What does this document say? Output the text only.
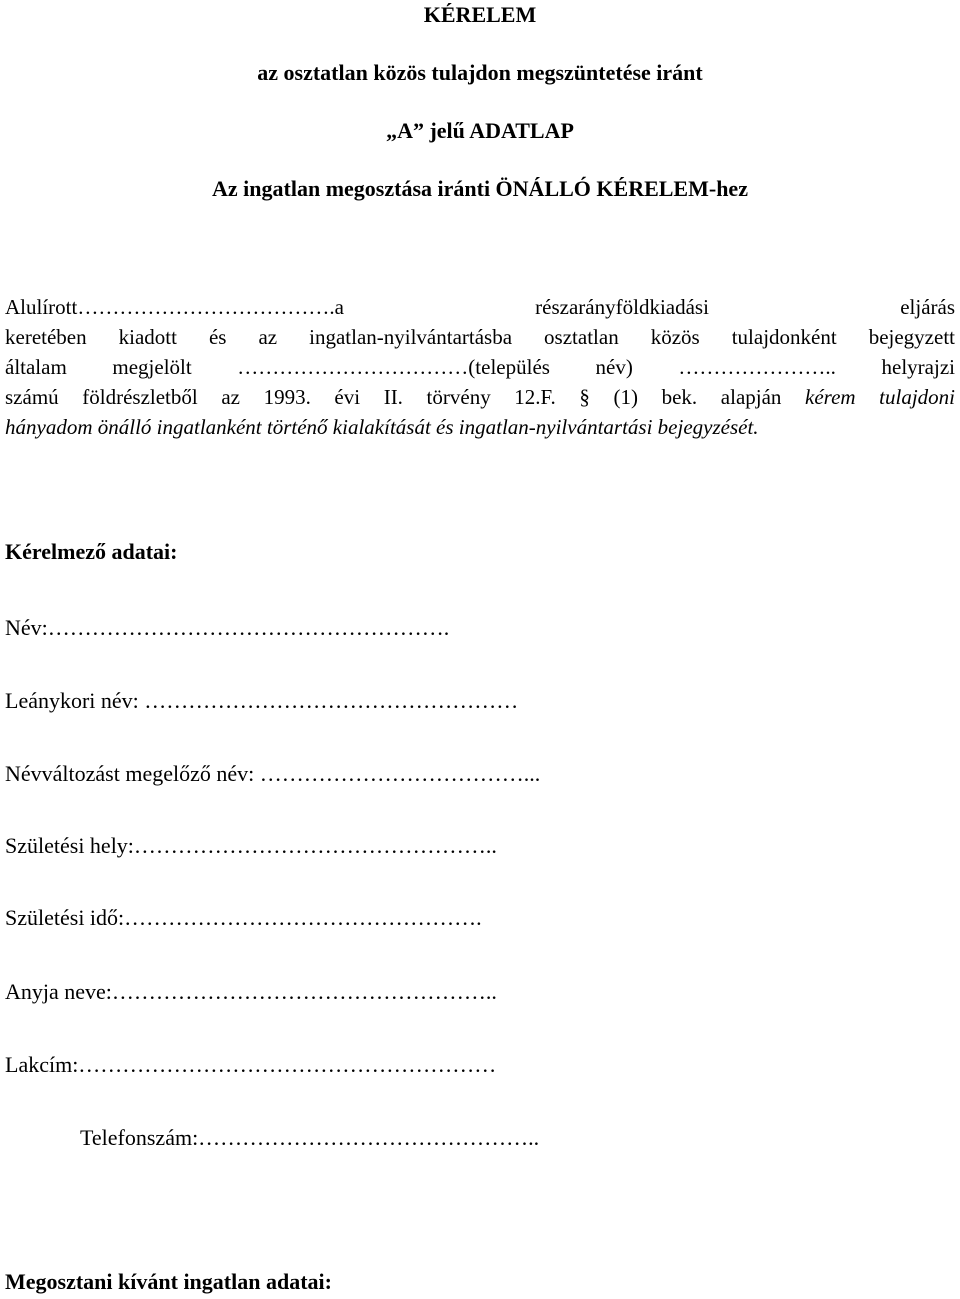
KÉRELEM
az osztatlan közös tulajdon megszüntetése iránt
„A” jelű ADATLAP
Az ingatlan megosztása iránti ÖNÁLLÓ KÉRELEM-hez
Alulírott……………………………….a részarányföldkiadási eljárás
keretében kiadott és az ingatlan-nyilvántartásba osztatlan közös tulajdonként bejegyzett
általam megjelölt ……………………………(település név) ………………….. helyrajzi
számú földrészletből az 1993. évi II. törvény 12.F. § (1) bek. alapján kérem tulajdoni
hányadom önálló ingatlanként történő kialakítását és ingatlan-nyilvántartási bejegyzését.
Kérelmező adatai:
Név:……………………………………………….
Leánykori név: ……………………………………………
Névváltozást megelőző név: ………………………………...
Születési hely:…………………………………………..
Születési idő:………………………………………….
Anyja neve:……………………………………………..
Lakcím:…………………………………………………
Telefonszám:………………………………………..
Megosztani kívánt ingatlan adatai:
